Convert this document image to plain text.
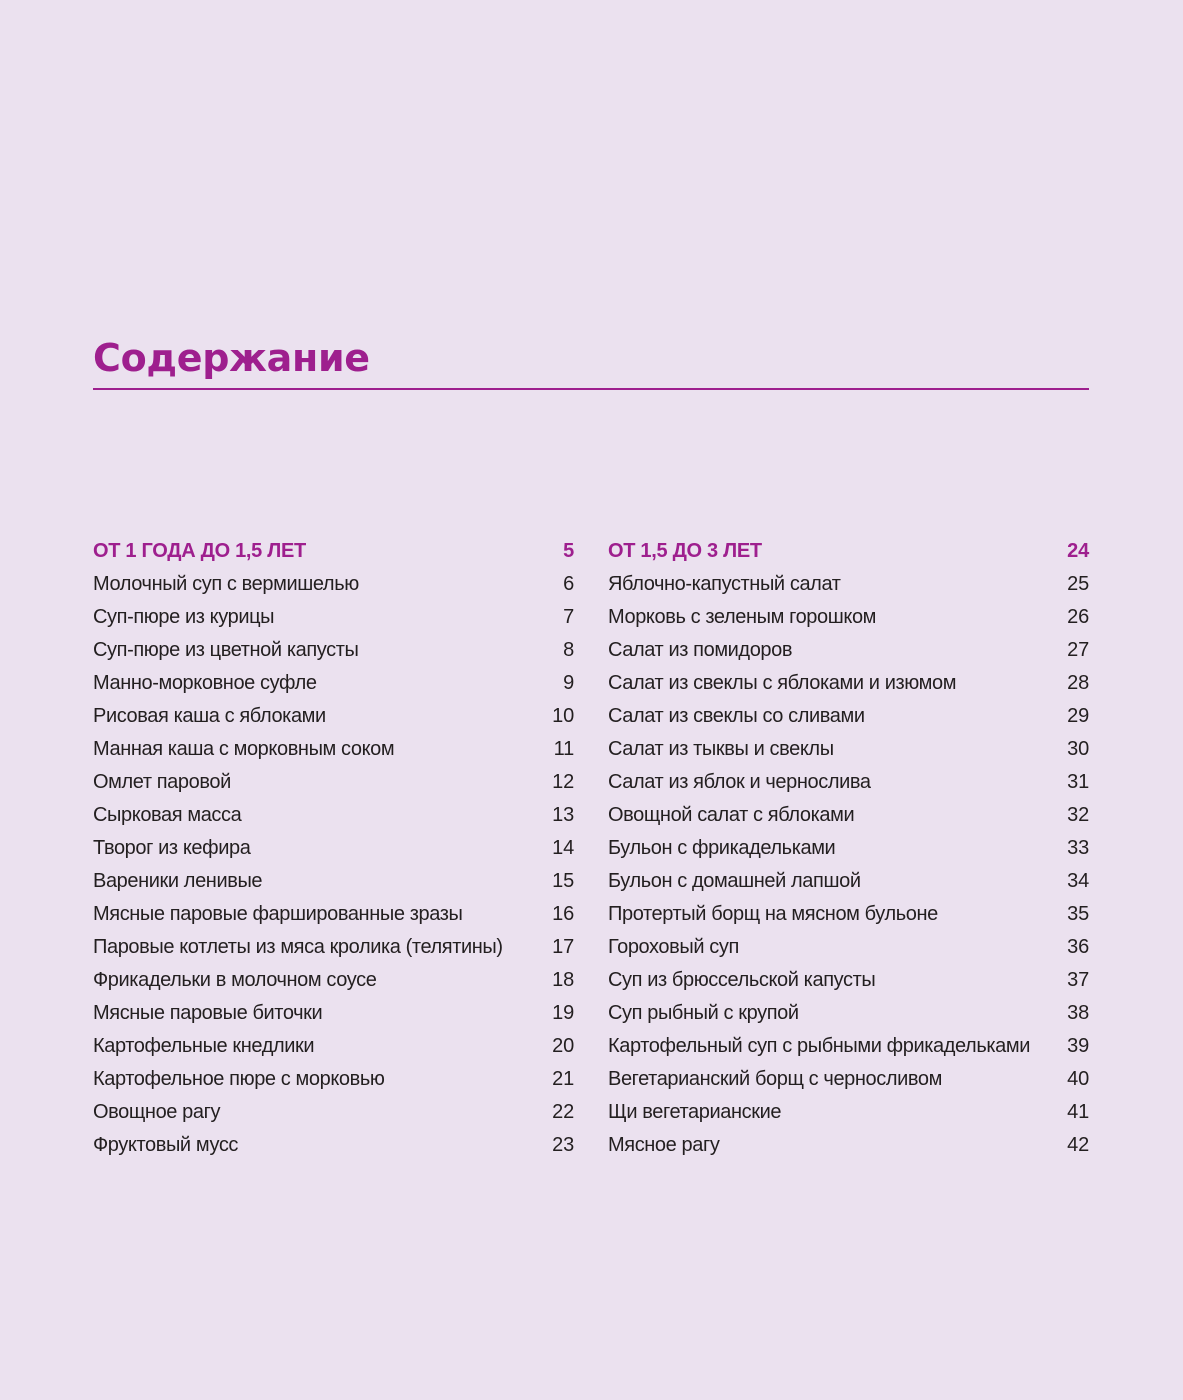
Содержание
ОТ 1 ГОДА ДО 1,5 ЛЕТ	5
Молочный суп с вермишелью	6
Суп-пюре из курицы	7
Суп-пюре из цветной капусты	8
Манно-морковное суфле	9
Рисовая каша с яблоками	10
Манная каша с морковным соком	11
Омлет паровой	12
Сырковая масса	13
Творог из кефира	14
Вареники ленивые	15
Мясные паровые фаршированные зразы	16
Паровые котлеты из мяса кролика (телятины) 17
Фрикадельки в молочном соусе	18
Мясные паровые биточки	19
Картофельные кнедлики	20
Картофельное пюре с морковью	21
Овощное рагу	22
Фруктовый мусс	23
ОТ 1,5 ДО 3 ЛЕТ	24
Яблочно-капустный салат	25
Морковь с зеленым горошком	26
Салат из помидоров	27
Салат из свеклы с яблоками и изюмом	28
Салат из свеклы со сливами	29
Салат из тыквы и свеклы	30
Салат из яблок и чернослива	31
Овощной салат с яблоками	32
Бульон с фрикадельками	33
Бульон с домашней лапшой	34
Протертый борщ на мясном бульоне	35
Гороховый суп	36
Суп из брюссельской капусты	37
Суп рыбный с крупой	38
Картофельный суп с рыбными фрикадельками 39
Вегетарианский борщ с черносливом	40
Щи вегетарианские	41
Мясное рагу	42
